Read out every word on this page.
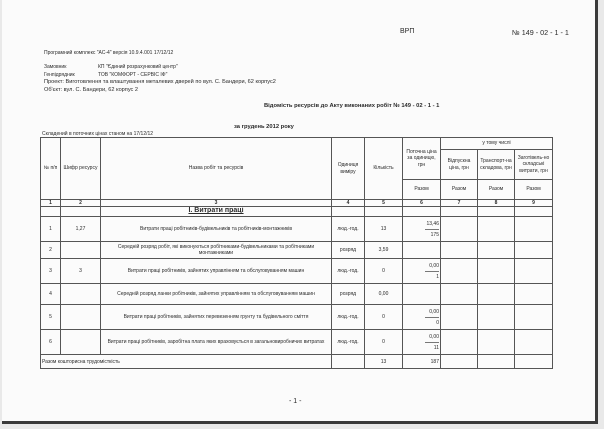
ВРП	№ 149 - 02 - 1 - 1
Програмний комплекс "АС-4" версія 10.9.4.001 17/12/12
Замовник	КП "Єдиний розрахунковий центр"
Генпідрядник	ТОВ "КОМФОРТ - СЕРВІС ІФ"
Проект: Виготовлення та влаштування металевих дверей по вул. С. Бандери, 62 корпус2
Об'єкт: вул. С. Бандери, 62 корпус 2
Відомість ресурсів до Акту виконаних робіт № 149 - 02 - 1 - 1
за грудень 2012 року
Складений в поточних цінах станом на 17/12/12
№ п/п	Шифр ресурсу	Назва робіт та ресурсів	Одиниця виміру	Кількість	Поточна ціна за одиницю, грн	у тому числі		
						Відпускна ціна, грн	Транспорт-на складова, грн	Заготівель-но складські витрати, грн
					Разом	Разом	Разом	Разом
1	2	3	4	5	6	7	8	9
		І. Витрати праці						
1	1,27	Витрати праці робітників-будівельників та робітників-монтажників	люд.-год.	13	13,46
175			

2		Середній розряд робіт, які виконуються робітниками-будівельниками та робітниками монтажниками	розряд	3,59				
3	3	Витрати праці робітників, зайнятих управлінням та обслуговуванням машин	люд.-год.	0	0,00
1			

4		Середній розряд ланки робітників, зайнятих управлінням та обслуговуванням машин	розряд	0,00				
5		Витрати праці робітників, зайнятих перевезенням грунту та будівельного сміття	люд.-год.	0	0,00
0			

6		Витрати праці робітників, заробітна плата яких враховується в загальновиробничих витратах	люд.-год.	0	0,00
11			

Разом кошторисна трудомісткість				13	187			
- 1 -
